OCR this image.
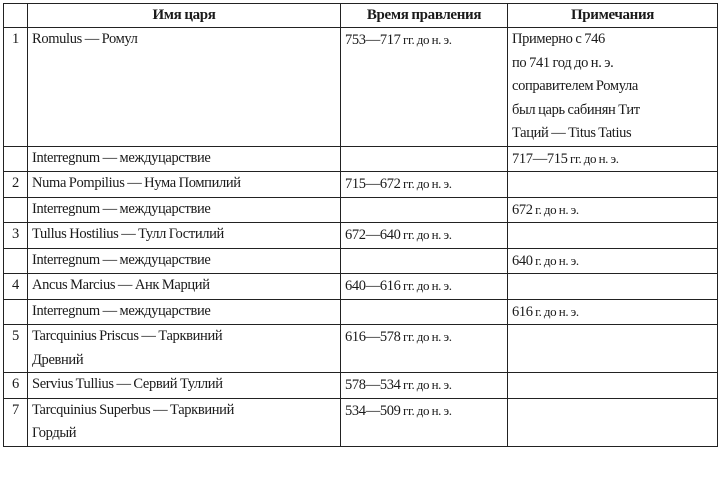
	Имя царя	Время правления	Примечания
1	Romulus — Ромул	753—717 гг. до н. э.	Примерно с 746
по 741 год до н. э.
соправителем Ромула
был царь сабинян Тит
Таций — Titus Tatius

	Interregnum — междуцарствие		717—715 гг. до н. э.
2	Numa Pompilius — Нума Помпилий	715—672 гг. до н. э.	
	Interregnum — междуцарствие		672 г. до н. э.
3	Tullus Hostilius — Тулл Гостилий	672—640 гг. до н. э.	
	Interregnum — междуцарствие		640 г. до н. э.
4	Ancus Marcius — Анк Марций	640—616 гг. до н. э.	
	Interregnum — междуцарствие		616 г. до н. э.
5	Tarcquinius Priscus — Тарквиний
Древний	616—578 гг. до н. э.	
6	Servius Tullius — Сервий Туллий	578—534 гг. до н. э.	
7	Tarcquinius Superbus — Тарквиний
Гордый	534—509 гг. до н. э.	
